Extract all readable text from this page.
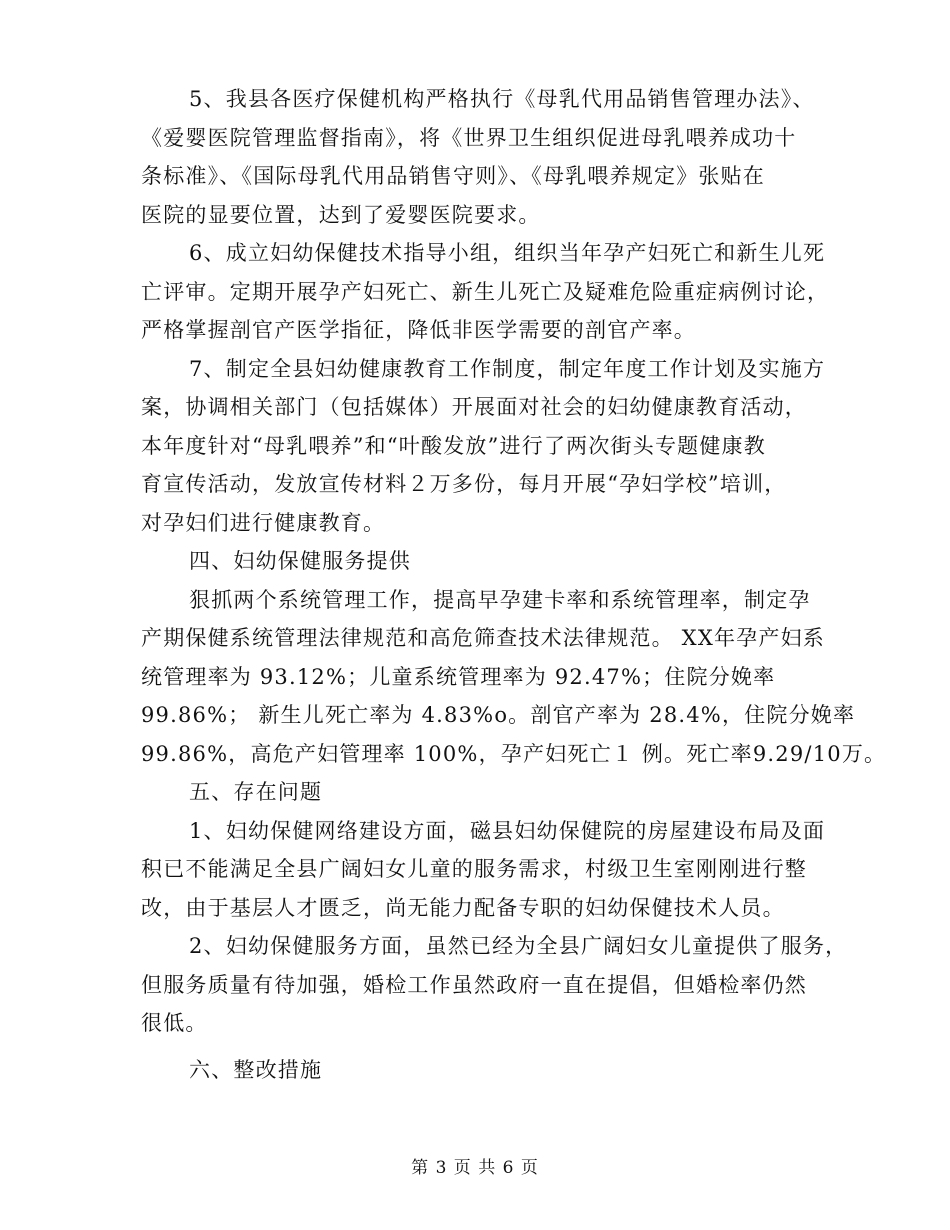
5、我县各医疗保健机构严格执行《母乳代用品销售管理办法》、
《爱婴医院管理监督指南》，将《世界卫生组织促进母乳喂养成功十
条标准》、《国际母乳代用品销售守则》、《母乳喂养规定》张贴在
医院的显要位置，达到了爱婴医院要求。
6、成立妇幼保健技术指导小组，组织当年孕产妇死亡和新生儿死
亡评审。定期开展孕产妇死亡、新生儿死亡及疑难危险重症病例讨论，
严格掌握剖官产医学指征，降低非医学需要的剖官产率。
7、制定全县妇幼健康教育工作制度，制定年度工作计划及实施方
案，协调相关部门（包括媒体）开展面对社会的妇幼健康教育活动，
本年度针对“母乳喂养”和“叶酸发放”进行了两次街头专题健康教
育宣传活动，发放宣传材料２万多份，每月开展“孕妇学校”培训，
对孕妇们进行健康教育。
四、妇幼保健服务提供
狠抓两个系统管理工作，提高早孕建卡率和系统管理率，制定孕
产期保健系统管理法律规范和高危筛查技术法律规范。 XX年孕产妇系
统管理率为 93.12%；儿童系统管理率为 92.47%；住院分娩率
99.86%； 新生儿死亡率为 4.83%o。剖官产率为 28.4%，住院分娩率
99.86%，高危产妇管理率 100%，孕产妇死亡１ 例。死亡率9.29/10万。
五、存在问题
1、妇幼保健网络建设方面，磁县妇幼保健院的房屋建设布局及面
积已不能满足全县广阔妇女儿童的服务需求，村级卫生室刚刚进行整
改，由于基层人才匮乏，尚无能力配备专职的妇幼保健技术人员。
2、妇幼保健服务方面，虽然已经为全县广阔妇女儿童提供了服务，
但服务质量有待加强，婚检工作虽然政府一直在提倡，但婚检率仍然
很低。
六、整改措施
第 3 页 共 6 页
